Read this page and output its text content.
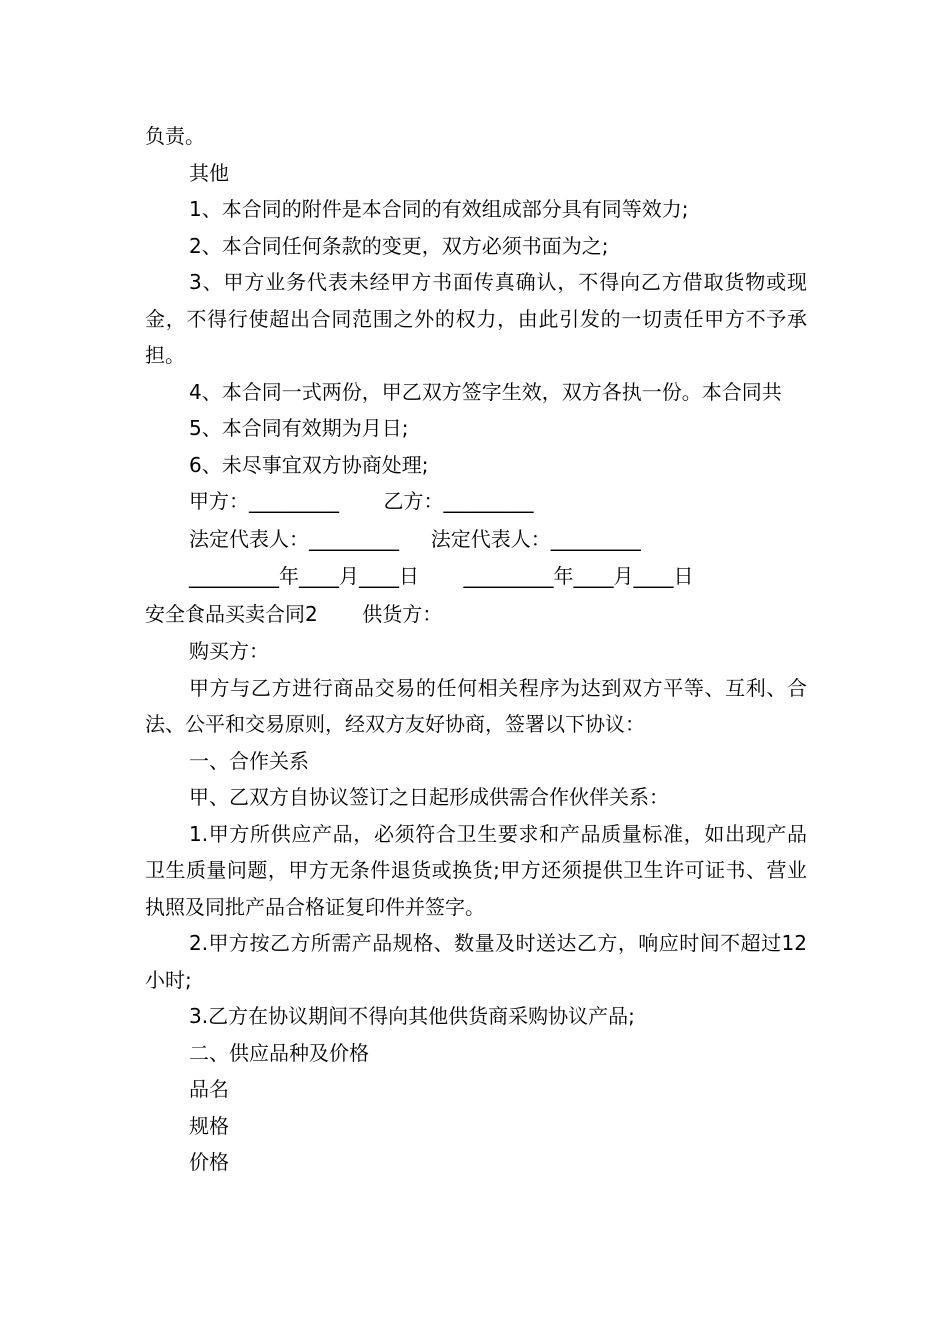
负责。

其他

1、本合同的附件是本合同的有效组成部分具有同等效力;

2、本合同任何条款的变更，双方必须书面为之;

3、甲方业务代表未经甲方书面传真确认，不得向乙方借取货物或现金，不得行使超出合同范围之外的权力，由此引发的一切责任甲方不予承担。

4、本合同一式两份，甲乙双方签字生效，双方各执一份。本合同共

5、本合同有效期为月日;

6、未尽事宜双方协商处理;

甲方：_________       乙方：_________

法定代表人：_________     法定代表人：_________

_________年____月____日       _________年____月____日

安全食品买卖合同2       供货方：

购买方：

甲方与乙方进行商品交易的任何相关程序为达到双方平等、互利、合法、公平和交易原则，经双方友好协商，签署以下协议：

一、合作关系

甲、乙双方自协议签订之日起形成供需合作伙伴关系：

1.甲方所供应产品，必须符合卫生要求和产品质量标准，如出现产品卫生质量问题，甲方无条件退货或换货;甲方还须提供卫生许可证书、营业执照及同批产品合格证复印件并签字。

2.甲方按乙方所需产品规格、数量及时送达乙方，响应时间不超过12小时;

3.乙方在协议期间不得向其他供货商采购协议产品;

二、供应品种及价格

品名

规格

价格
